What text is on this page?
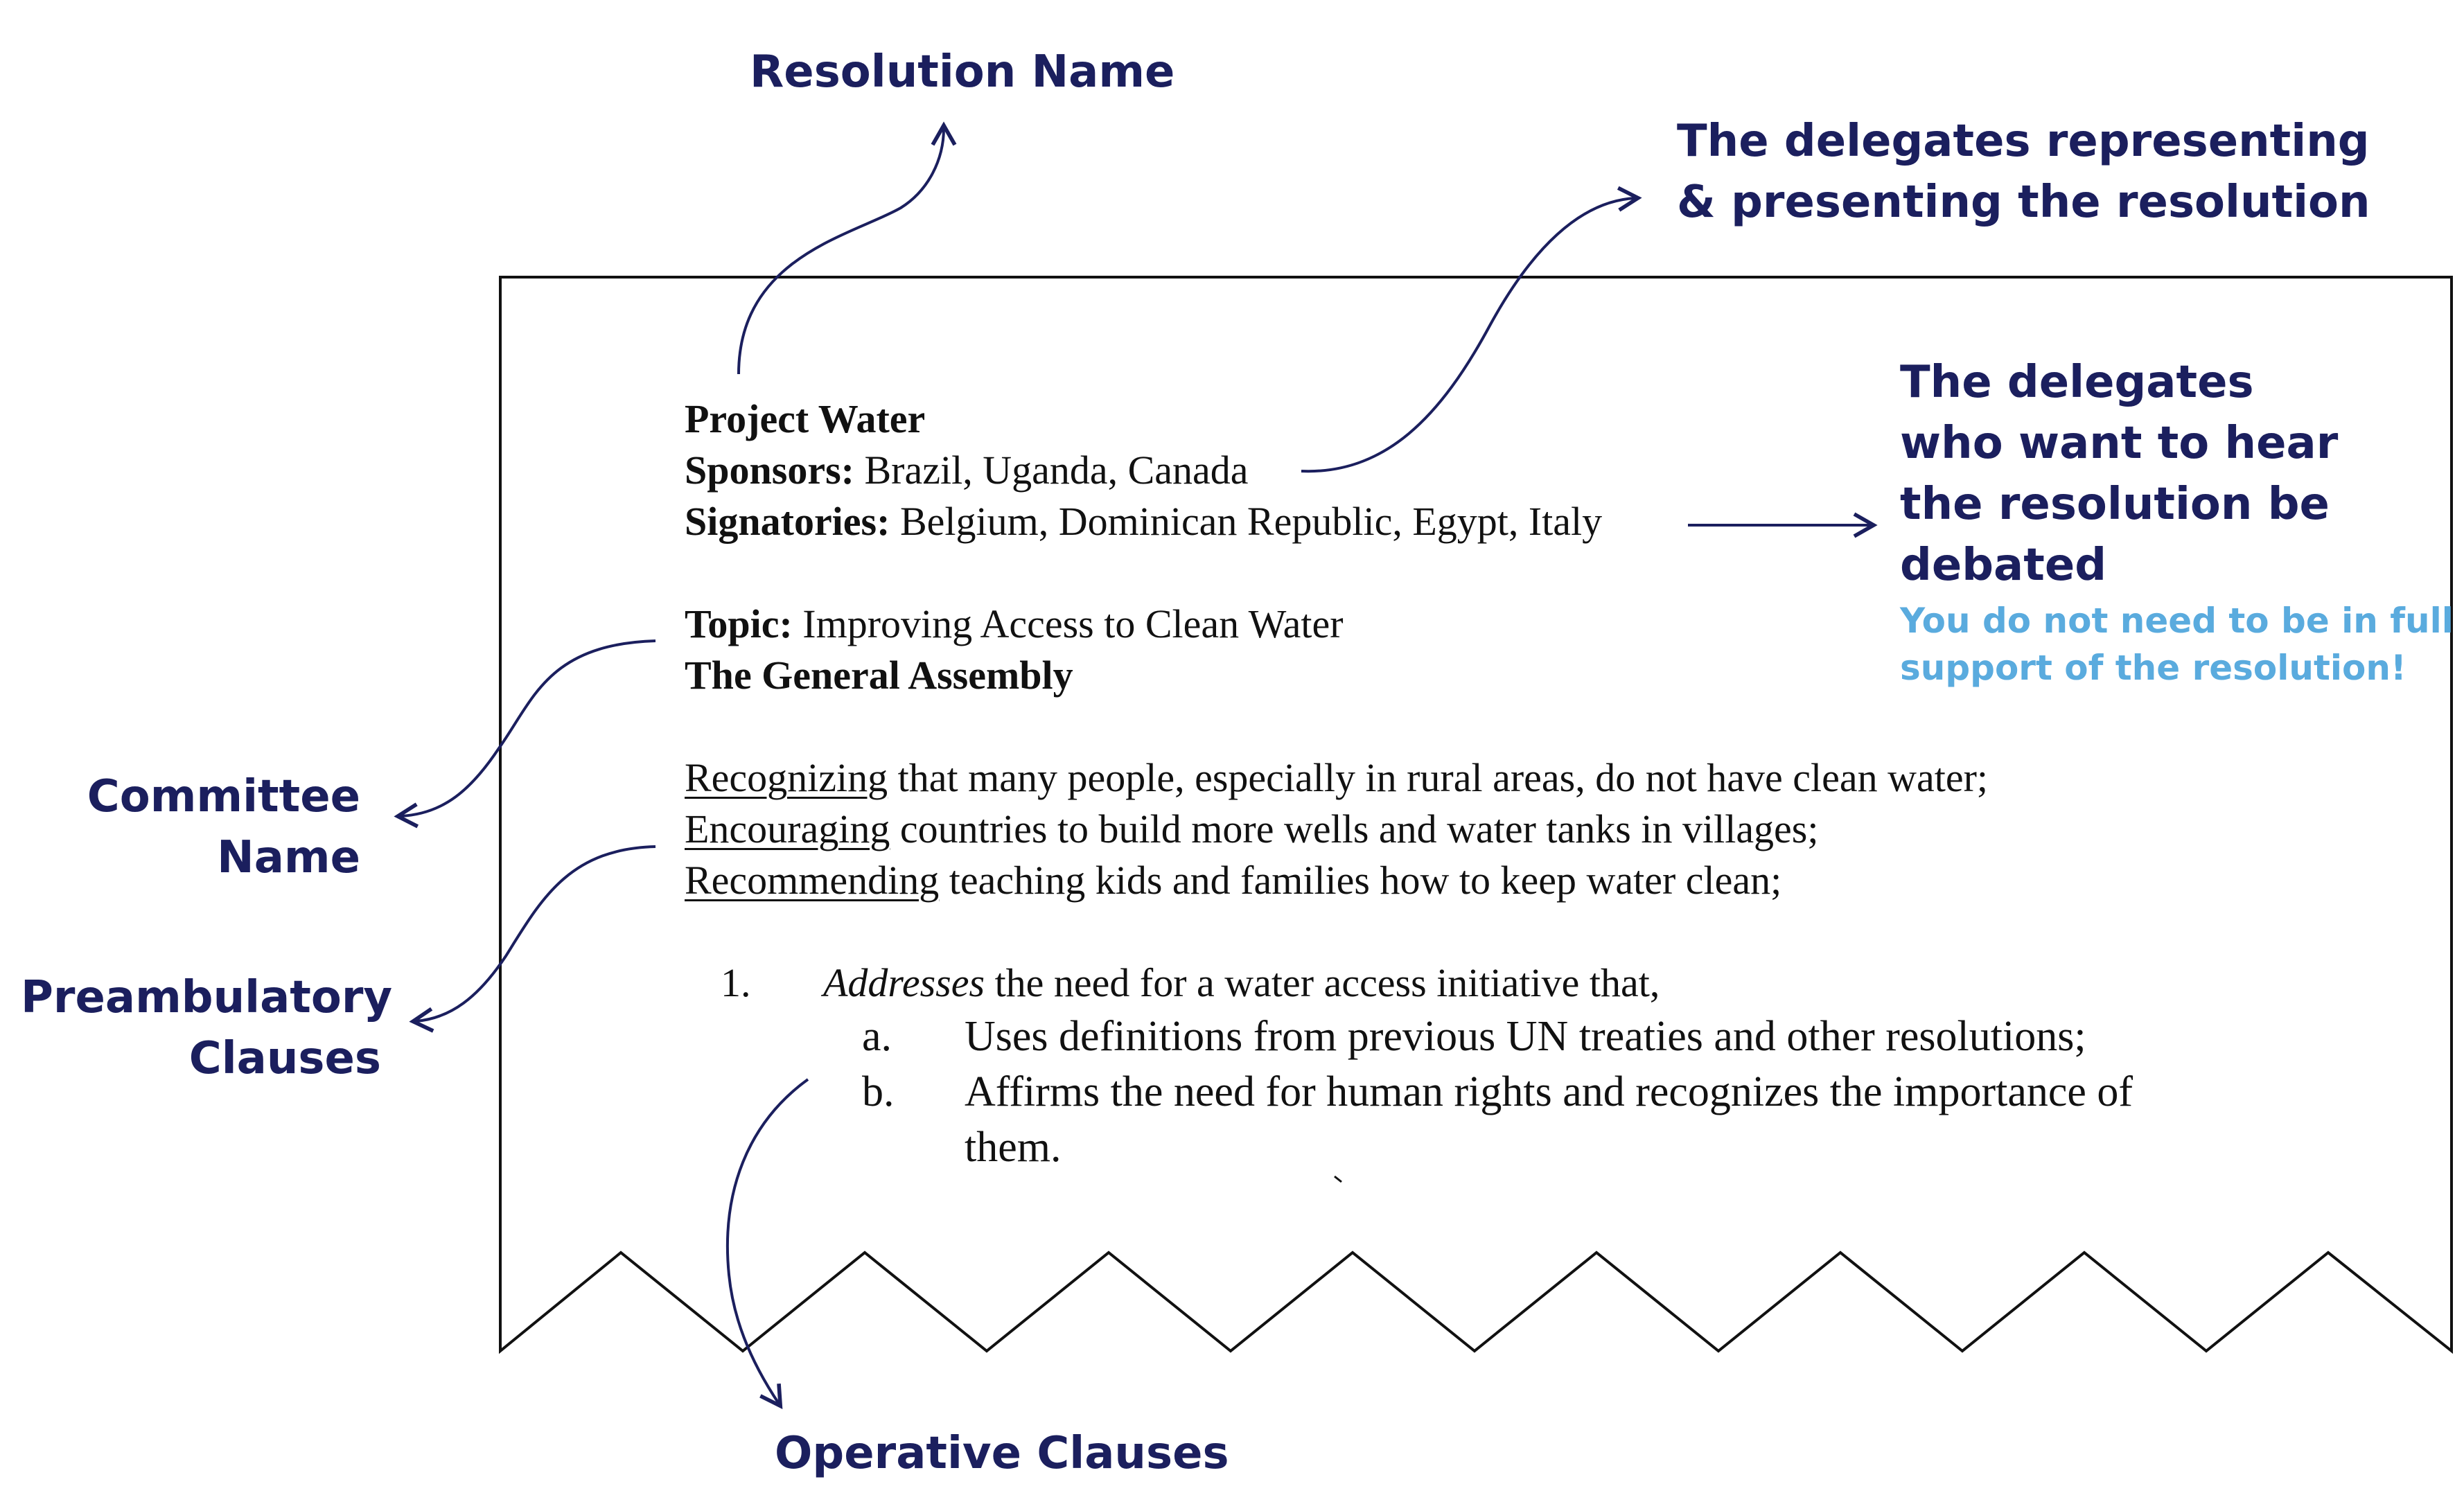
Resolution Name
The delegates representing
& presenting the resolution
The delegates
who want to hear
the resolution be
debated
You do not need to be in full
support of the resolution!
Committee
Name
Preambulatory
Clauses
Operative Clauses
Project Water
Sponsors: Brazil, Uganda, Canada
Signatories: Belgium, Dominican Republic, Egypt, Italy
Topic: Improving Access to Clean Water
The General Assembly
Recognizing that many people, especially in rural areas, do not have clean water;
Encouraging countries to build more wells and water tanks in villages;
Recommending teaching kids and families how to keep water clean;
1. Addresses the need for a water access initiative that,
a. Uses definitions from previous UN treaties and other resolutions;
b. Affirms the need for human rights and recognizes the importance of
them.
